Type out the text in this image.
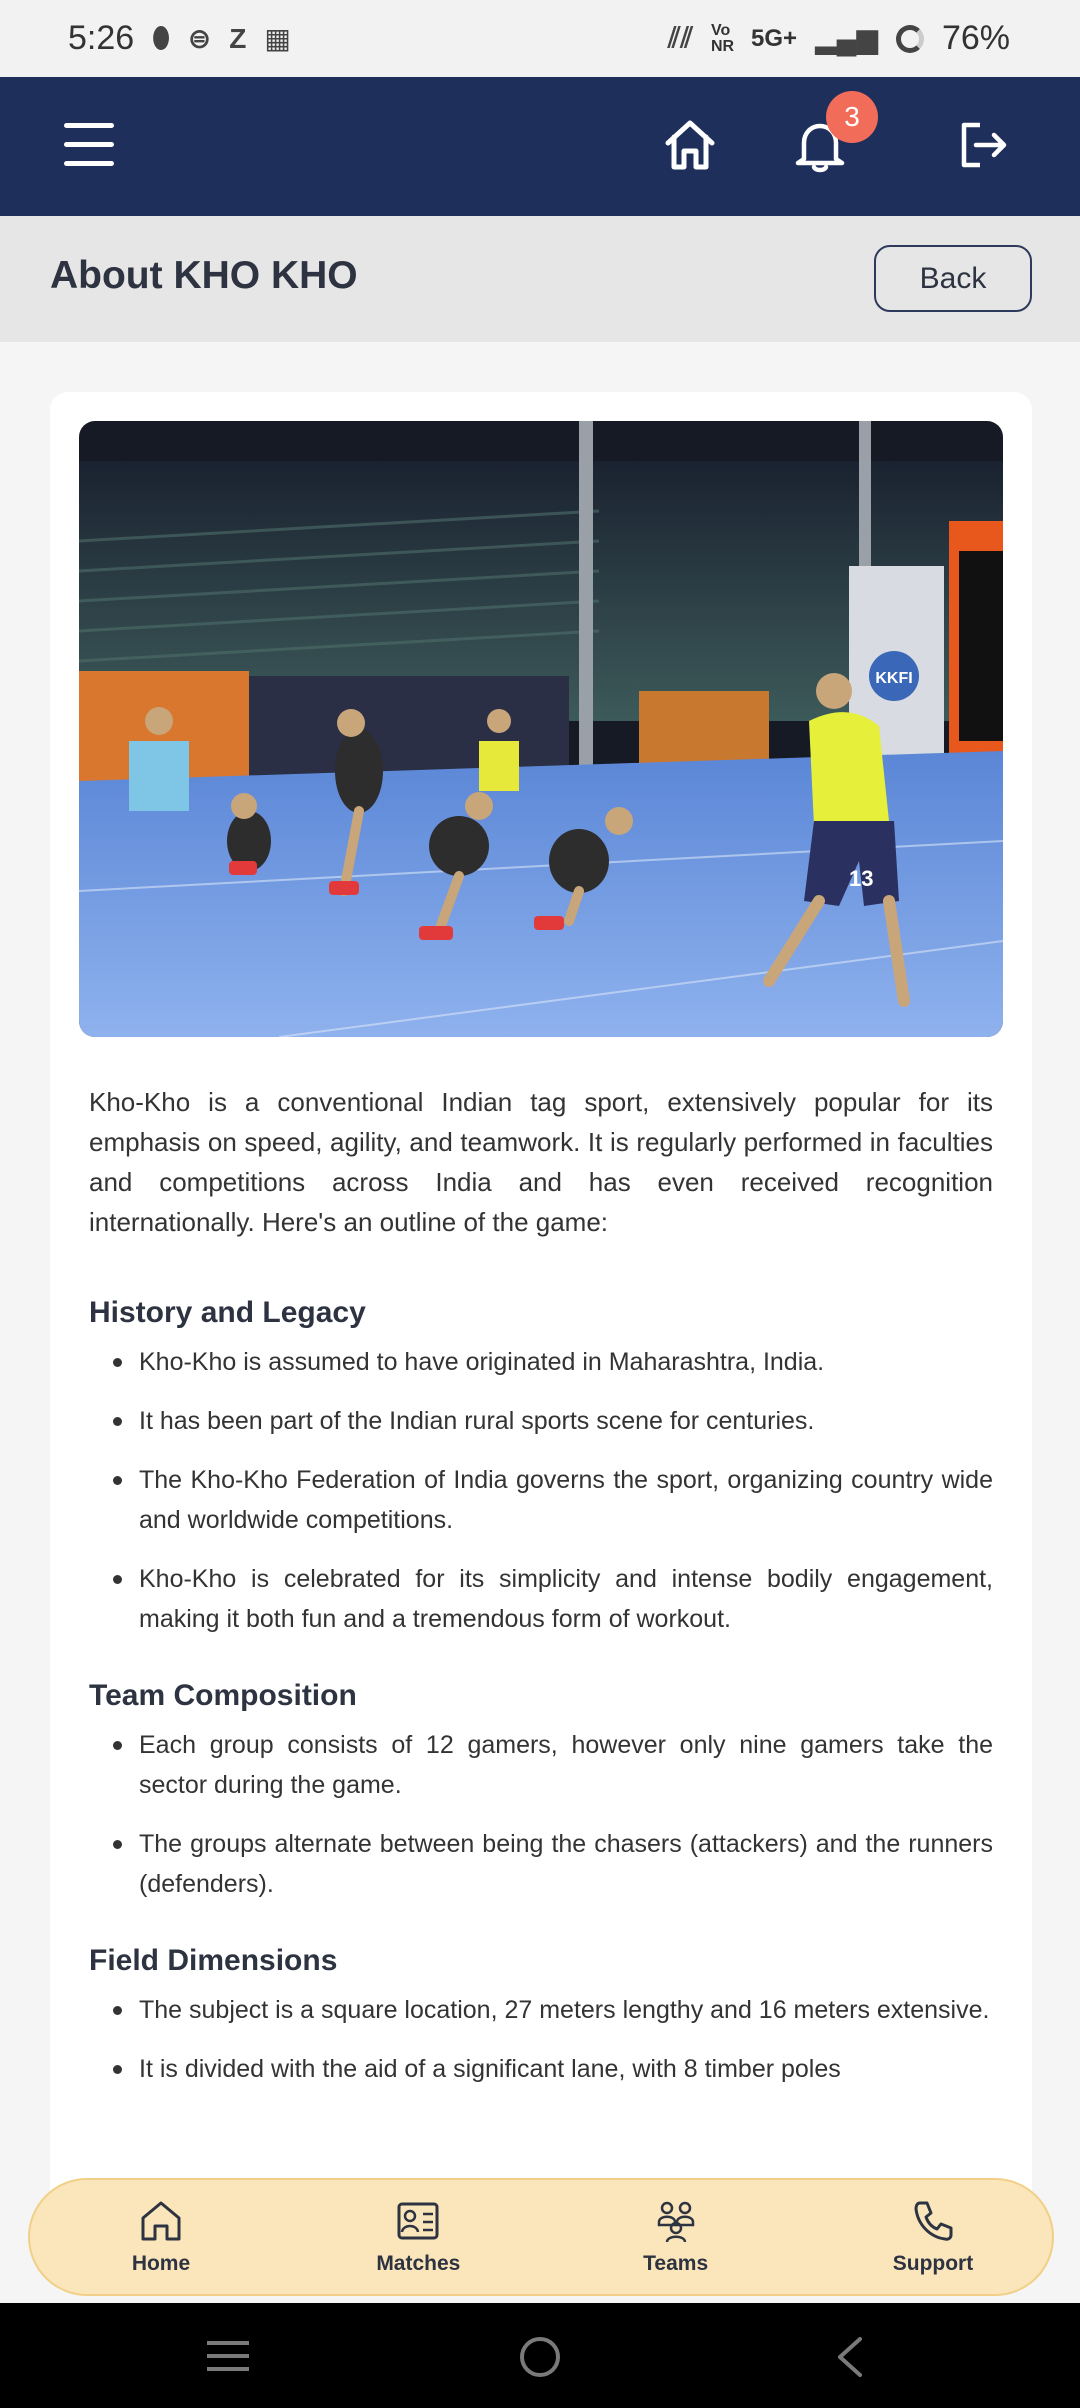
5:26 ⬮ ⊜ Z ▦	⫽⫽ Vo NR 5G+ ▂▄▆ 76%
3
About KHO KHO	Back
KKFI
13

Kho-Kho is a conventional Indian tag sport, extensively popular for its emphasis on speed, agility, and teamwork. It is regularly performed in faculties and competitions across India and has even received recognition internationally. Here's an outline of the game:

History and Legacy
Kho-Kho is assumed to have originated in Maharashtra, India.
It has been part of the Indian rural sports scene for centuries.
The Kho-Kho Federation of India governs the sport, organizing country wide and worldwide competitions.
Kho-Kho is celebrated for its simplicity and intense bodily engagement, making it both fun and a tremendous form of workout.
Team Composition
Each group consists of 12 gamers, however only nine gamers take the sector during the game.
The groups alternate between being the chasers (attackers) and the runners (defenders).
Field Dimensions
The subject is a square location, 27 meters lengthy and 16 meters extensive.
It is divided with the aid of a significant lane, with 8 timber poles
Home	Matches	Teams	Support
